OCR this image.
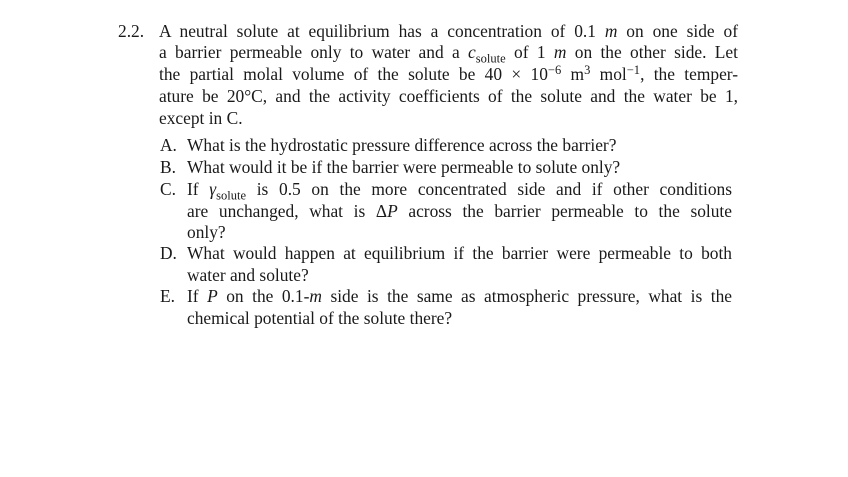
2.2. A neutral solute at equilibrium has a concentration of 0.1 m on one side of
a barrier permeable only to water and a $c_{solute}$ of 1 m on the other side. Let
the partial molal volume of the solute be $40 \times 10^{-6}$ $m^3$ mol$^{-1}$, the temper-
ature be 20°C, and the activity coefficients of the solute and the water be 1,
except in C.
A. What is the hydrostatic pressure difference across the barrier?
B. What would it be if the barrier were permeable to solute only?
C. If $\gamma_{solute}$ is 0.5 on the more concentrated side and if other conditions
are unchanged, what is ΔP across the barrier permeable to the solute
only?
D. What would happen at equilibrium if the barrier were permeable to both
water and solute?
E. If P on the 0.1-m side is the same as atmospheric pressure, what is the
chemical potential of the solute there?
